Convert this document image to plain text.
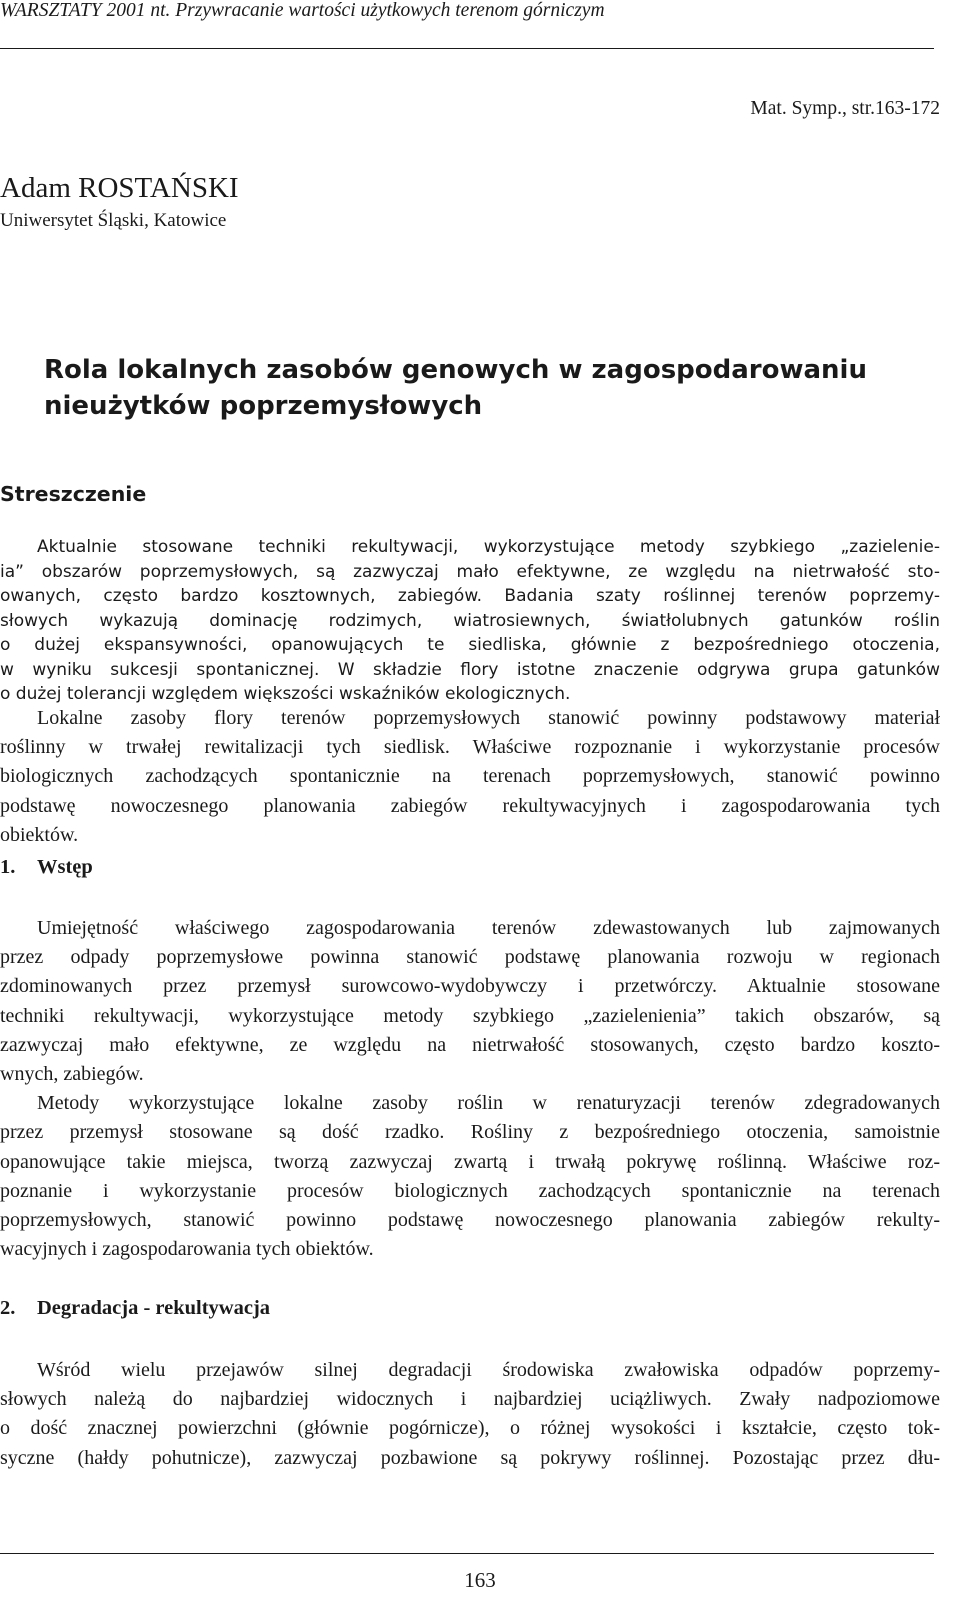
WARSZTATY 2001 nt. Przywracanie wartości użytkowych terenom górniczym
Mat. Symp., str.163-172
Adam ROSTAŃSKI
Uniwersytet Śląski, Katowice
Rola lokalnych zasobów genowych w zagospodarowaniu nieużytków poprzemysłowych
Streszczenie
Aktualnie stosowane techniki rekultywacji, wykorzystujące metody szybkiego „zazielenie-
ia” obszarów poprzemysłowych, są zazwyczaj mało efektywne, ze względu na nietrwałość sto-
owanych, często bardzo kosztownych, zabiegów. Badania szaty roślinnej terenów poprzemy-
słowych wykazują dominację rodzimych, wiatrosiewnych, światłolubnych gatunków roślin
o dużej ekspansywności, opanowujących te siedliska, głównie z bezpośredniego otoczenia,
w wyniku sukcesji spontanicznej. W składzie flory istotne znaczenie odgrywa grupa gatunków
o dużej tolerancji względem większości wskaźników ekologicznych.
Lokalne zasoby flory terenów poprzemysłowych stanowić powinny podstawowy materiał
roślinny w trwałej rewitalizacji tych siedlisk. Właściwe rozpoznanie i wykorzystanie procesów
biologicznych zachodzących spontanicznie na terenach poprzemysłowych, stanowić powinno
podstawę nowoczesnego planowania zabiegów rekultywacyjnych i zagospodarowania tych
obiektów.
1. Wstęp
Umiejętność właściwego zagospodarowania terenów zdewastowanych lub zajmowanych
przez odpady poprzemysłowe powinna stanowić podstawę planowania rozwoju w regionach
zdominowanych przez przemysł surowcowo-wydobywczy i przetwórczy. Aktualnie stosowane
techniki rekultywacji, wykorzystujące metody szybkiego „zazielenienia” takich obszarów, są
zazwyczaj mało efektywne, ze względu na nietrwałość stosowanych, często bardzo koszto-
wnych, zabiegów.
Metody wykorzystujące lokalne zasoby roślin w renaturyzacji terenów zdegradowanych
przez przemysł stosowane są dość rzadko. Rośliny z bezpośredniego otoczenia, samoistnie
opanowujące takie miejsca, tworzą zazwyczaj zwartą i trwałą pokrywę roślinną. Właściwe roz-
poznanie i wykorzystanie procesów biologicznych zachodzących spontanicznie na terenach
poprzemysłowych, stanowić powinno podstawę nowoczesnego planowania zabiegów rekulty-
wacyjnych i zagospodarowania tych obiektów.
2. Degradacja - rekultywacja
Wśród wielu przejawów silnej degradacji środowiska zwałowiska odpadów poprzemy-
słowych należą do najbardziej widocznych i najbardziej uciążliwych. Zwały nadpoziomowe
o dość znacznej powierzchni (głównie pogórnicze), o różnej wysokości i kształcie, często tok-
syczne (hałdy pohutnicze), zazwyczaj pozbawione są pokrywy roślinnej. Pozostając przez dłu-
163
